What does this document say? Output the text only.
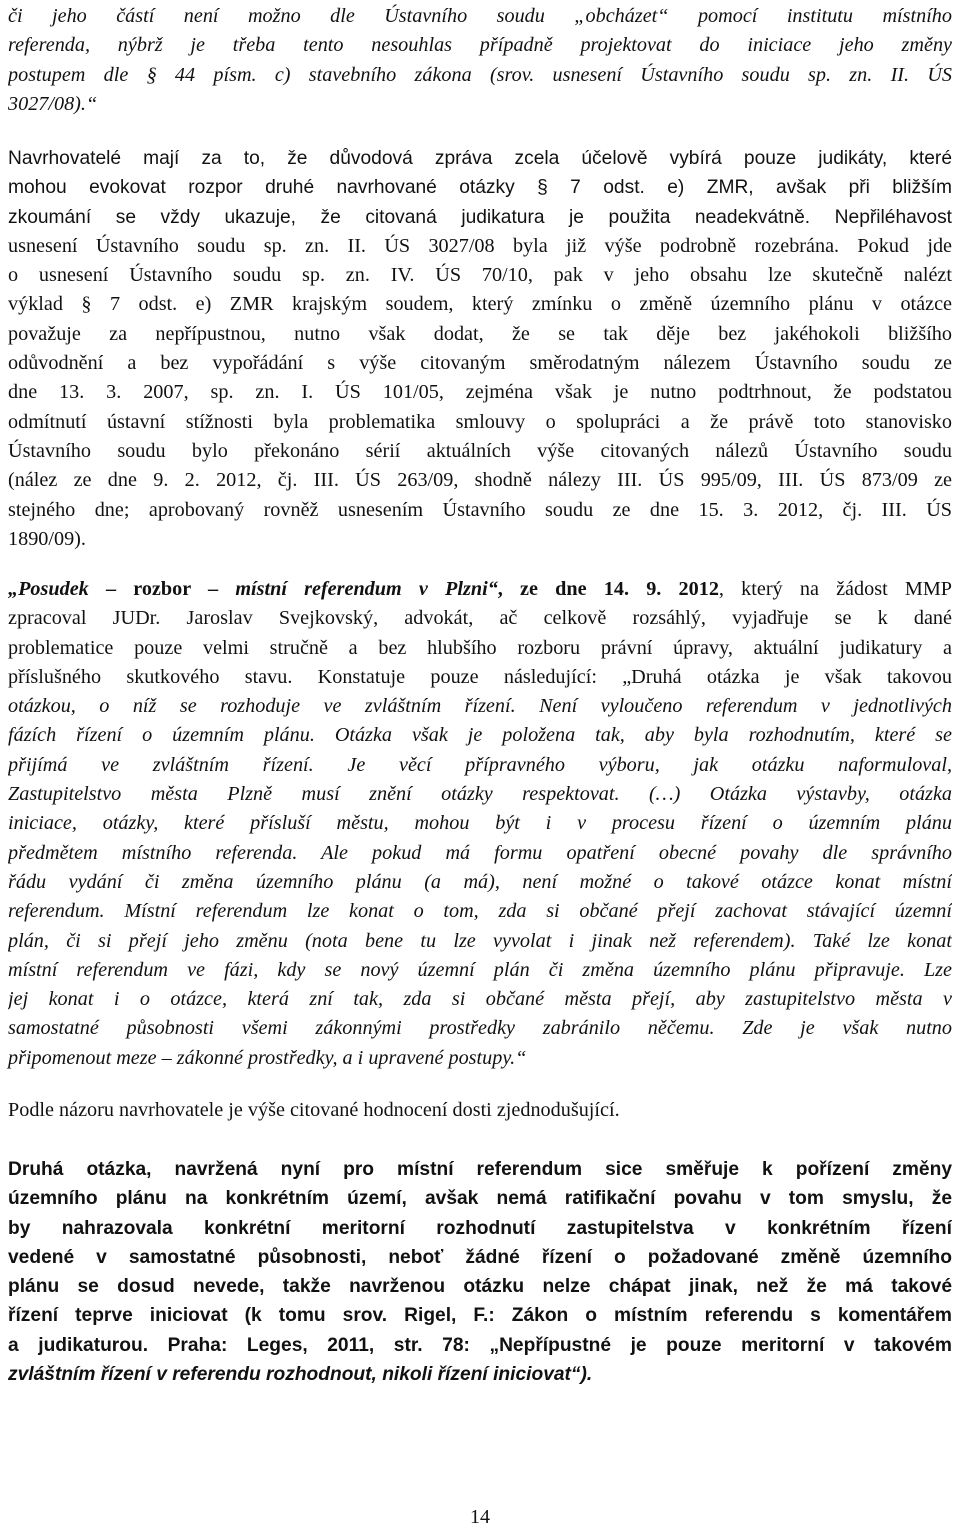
či jeho částí není možno dle Ústavního soudu „obcházet“ pomocí institutu místního
referenda, nýbrž je třeba tento nesouhlas případně projektovat do iniciace jeho změny
postupem dle § 44 písm. c) stavebního zákona (srov. usnesení Ústavního soudu sp. zn. II. ÚS
3027/08).“
Navrhovatelé mají za to, že důvodová zpráva zcela účelově vybírá pouze judikáty, které
mohou evokovat rozpor druhé navrhované otázky § 7 odst. e) ZMR, avšak při bližším
zkoumání se vždy ukazuje, že citovaná judikatura je použita neadekvátně. Nepřiléhavost
usnesení Ústavního soudu sp. zn. II. ÚS 3027/08 byla již výše podrobně rozebrána. Pokud jde
o usnesení Ústavního soudu sp. zn. IV. ÚS 70/10, pak v jeho obsahu lze skutečně nalézt
výklad § 7 odst. e) ZMR krajským soudem, který zmínku o změně územního plánu v otázce
považuje za nepřípustnou, nutno však dodat, že se tak děje bez jakéhokoli bližšího
odůvodnění a bez vypořádání s výše citovaným směrodatným nálezem Ústavního soudu ze
dne 13. 3. 2007, sp. zn. I. ÚS 101/05, zejména však je nutno podtrhnout, že podstatou
odmítnutí ústavní stížnosti byla problematika smlouvy o spolupráci a že právě toto stanovisko
Ústavního soudu bylo překonáno sérií aktuálních výše citovaných nálezů Ústavního soudu
(nález ze dne 9. 2. 2012, čj. III. ÚS 263/09, shodně nálezy III. ÚS 995/09, III. ÚS 873/09 ze
stejného dne; aprobovaný rovněž usnesením Ústavního soudu ze dne 15. 3. 2012, čj. III. ÚS
1890/09).
„Posudek – rozbor – místní referendum v Plzni“, ze dne 14. 9. 2012, který na žádost MMP
zpracoval JUDr. Jaroslav Svejkovský, advokát, ač celkově rozsáhlý, vyjadřuje se k dané
problematice pouze velmi stručně a bez hlubšího rozboru právní úpravy, aktuální judikatury a
příslušného skutkového stavu. Konstatuje pouze následující: „Druhá otázka je však takovou
otázkou, o níž se rozhoduje ve zvláštním řízení. Není vyloučeno referendum v jednotlivých
fázích řízení o územním plánu. Otázka však je položena tak, aby byla rozhodnutím, které se
přijímá ve zvláštním řízení. Je věcí přípravného výboru, jak otázku naformuloval,
Zastupitelstvo města Plzně musí znění otázky respektovat. (…) Otázka výstavby, otázka
iniciace, otázky, které přísluší městu, mohou být i v procesu řízení o územním plánu
předmětem místního referenda. Ale pokud má formu opatření obecné povahy dle správního
řádu vydání či změna územního plánu (a má), není možné o takové otázce konat místní
referendum. Místní referendum lze konat o tom, zda si občané přejí zachovat stávající územní
plán, či si přejí jeho změnu (nota bene tu lze vyvolat i jinak než referendem). Také lze konat
místní referendum ve fázi, kdy se nový územní plán či změna územního plánu připravuje. Lze
jej konat i o otázce, která zní tak, zda si občané města přejí, aby zastupitelstvo města v
samostatné působnosti všemi zákonnými prostředky zabránilo něčemu. Zde je však nutno
připomenout meze – zákonné prostředky, a i upravené postupy.“
Podle názoru navrhovatele je výše citované hodnocení dosti zjednodušující.
Druhá otázka, navržená nyní pro místní referendum sice směřuje k pořízení změny
územního plánu na konkrétním území, avšak nemá ratifikační povahu v tom smyslu, že
by nahrazovala konkrétní meritorní rozhodnutí zastupitelstva v konkrétním řízení
vedené v samostatné působnosti, neboť žádné řízení o požadované změně územního
plánu se dosud nevede, takže navrženou otázku nelze chápat jinak, než že má takové
řízení teprve iniciovat (k tomu srov. Rigel, F.: Zákon o místním referendu s komentářem
a judikaturou. Praha: Leges, 2011, str. 78: „Nepřípustné je pouze meritorní v takovém
zvláštním řízení v referendu rozhodnout, nikoli řízení iniciovat“).
14
